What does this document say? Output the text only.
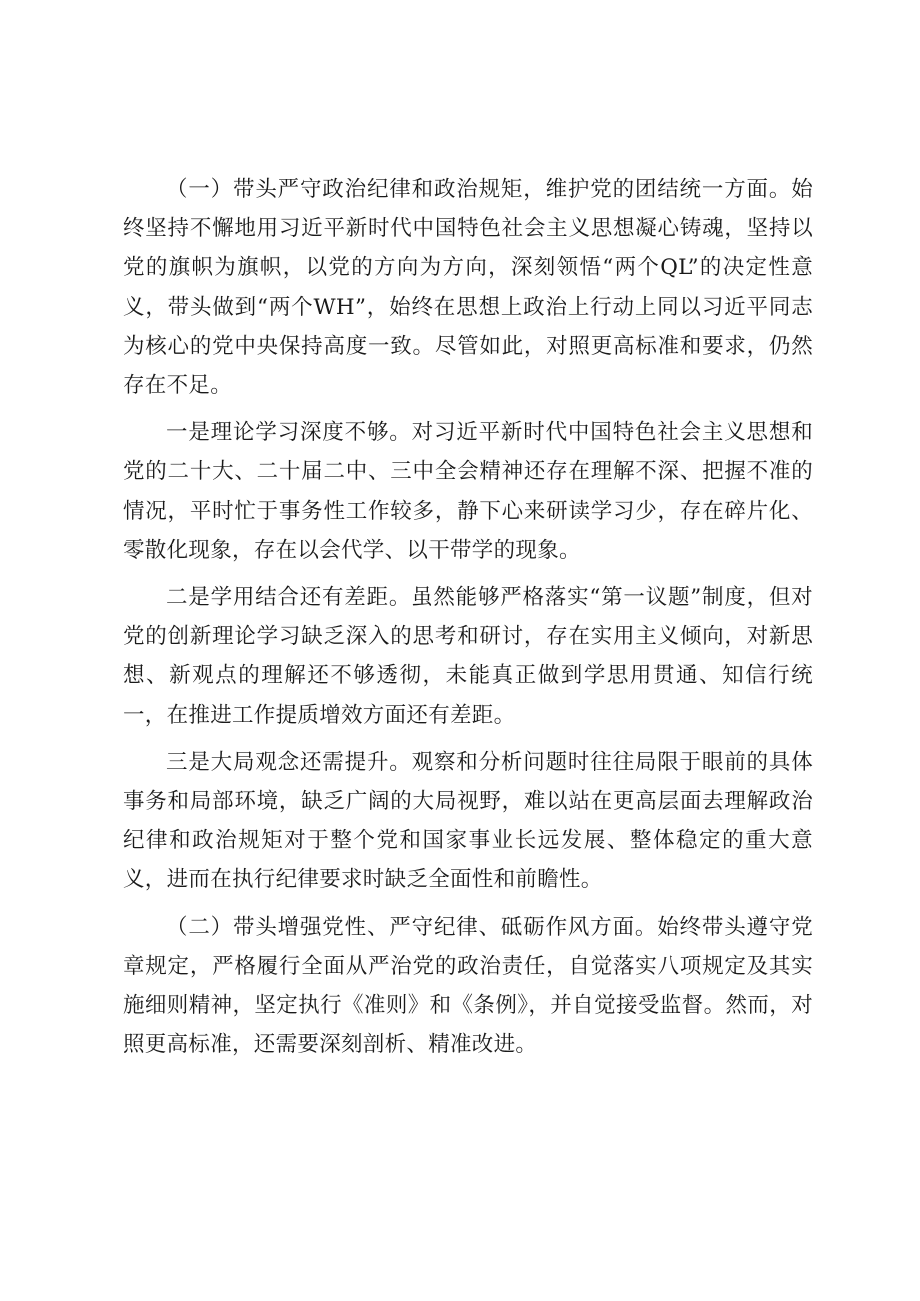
（一）带头严守政治纪律和政治规矩，维护党的团结统一方面。始终坚持不懈地用习近平新时代中国特色社会主义思想凝心铸魂，坚持以党的旗帜为旗帜，以党的方向为方向，深刻领悟“两个QL”的决定性意义，带头做到“两个WH”，始终在思想上政治上行动上同以习近平同志为核心的党中央保持高度一致。尽管如此，对照更高标准和要求，仍然存在不足。

一是理论学习深度不够。对习近平新时代中国特色社会主义思想和党的二十大、二十届二中、三中全会精神还存在理解不深、把握不准的情况，平时忙于事务性工作较多，静下心来研读学习少，存在碎片化、零散化现象，存在以会代学、以干带学的现象。

二是学用结合还有差距。虽然能够严格落实“第一议题”制度，但对党的创新理论学习缺乏深入的思考和研讨，存在实用主义倾向，对新思想、新观点的理解还不够透彻，未能真正做到学思用贯通、知信行统一，在推进工作提质增效方面还有差距。

三是大局观念还需提升。观察和分析问题时往往局限于眼前的具体事务和局部环境，缺乏广阔的大局视野，难以站在更高层面去理解政治纪律和政治规矩对于整个党和国家事业长远发展、整体稳定的重大意义，进而在执行纪律要求时缺乏全面性和前瞻性。

（二）带头增强党性、严守纪律、砥砺作风方面。始终带头遵守党章规定，严格履行全面从严治党的政治责任，自觉落实八项规定及其实施细则精神，坚定执行《准则》和《条例》，并自觉接受监督。然而，对照更高标准，还需要深刻剖析、精准改进。
